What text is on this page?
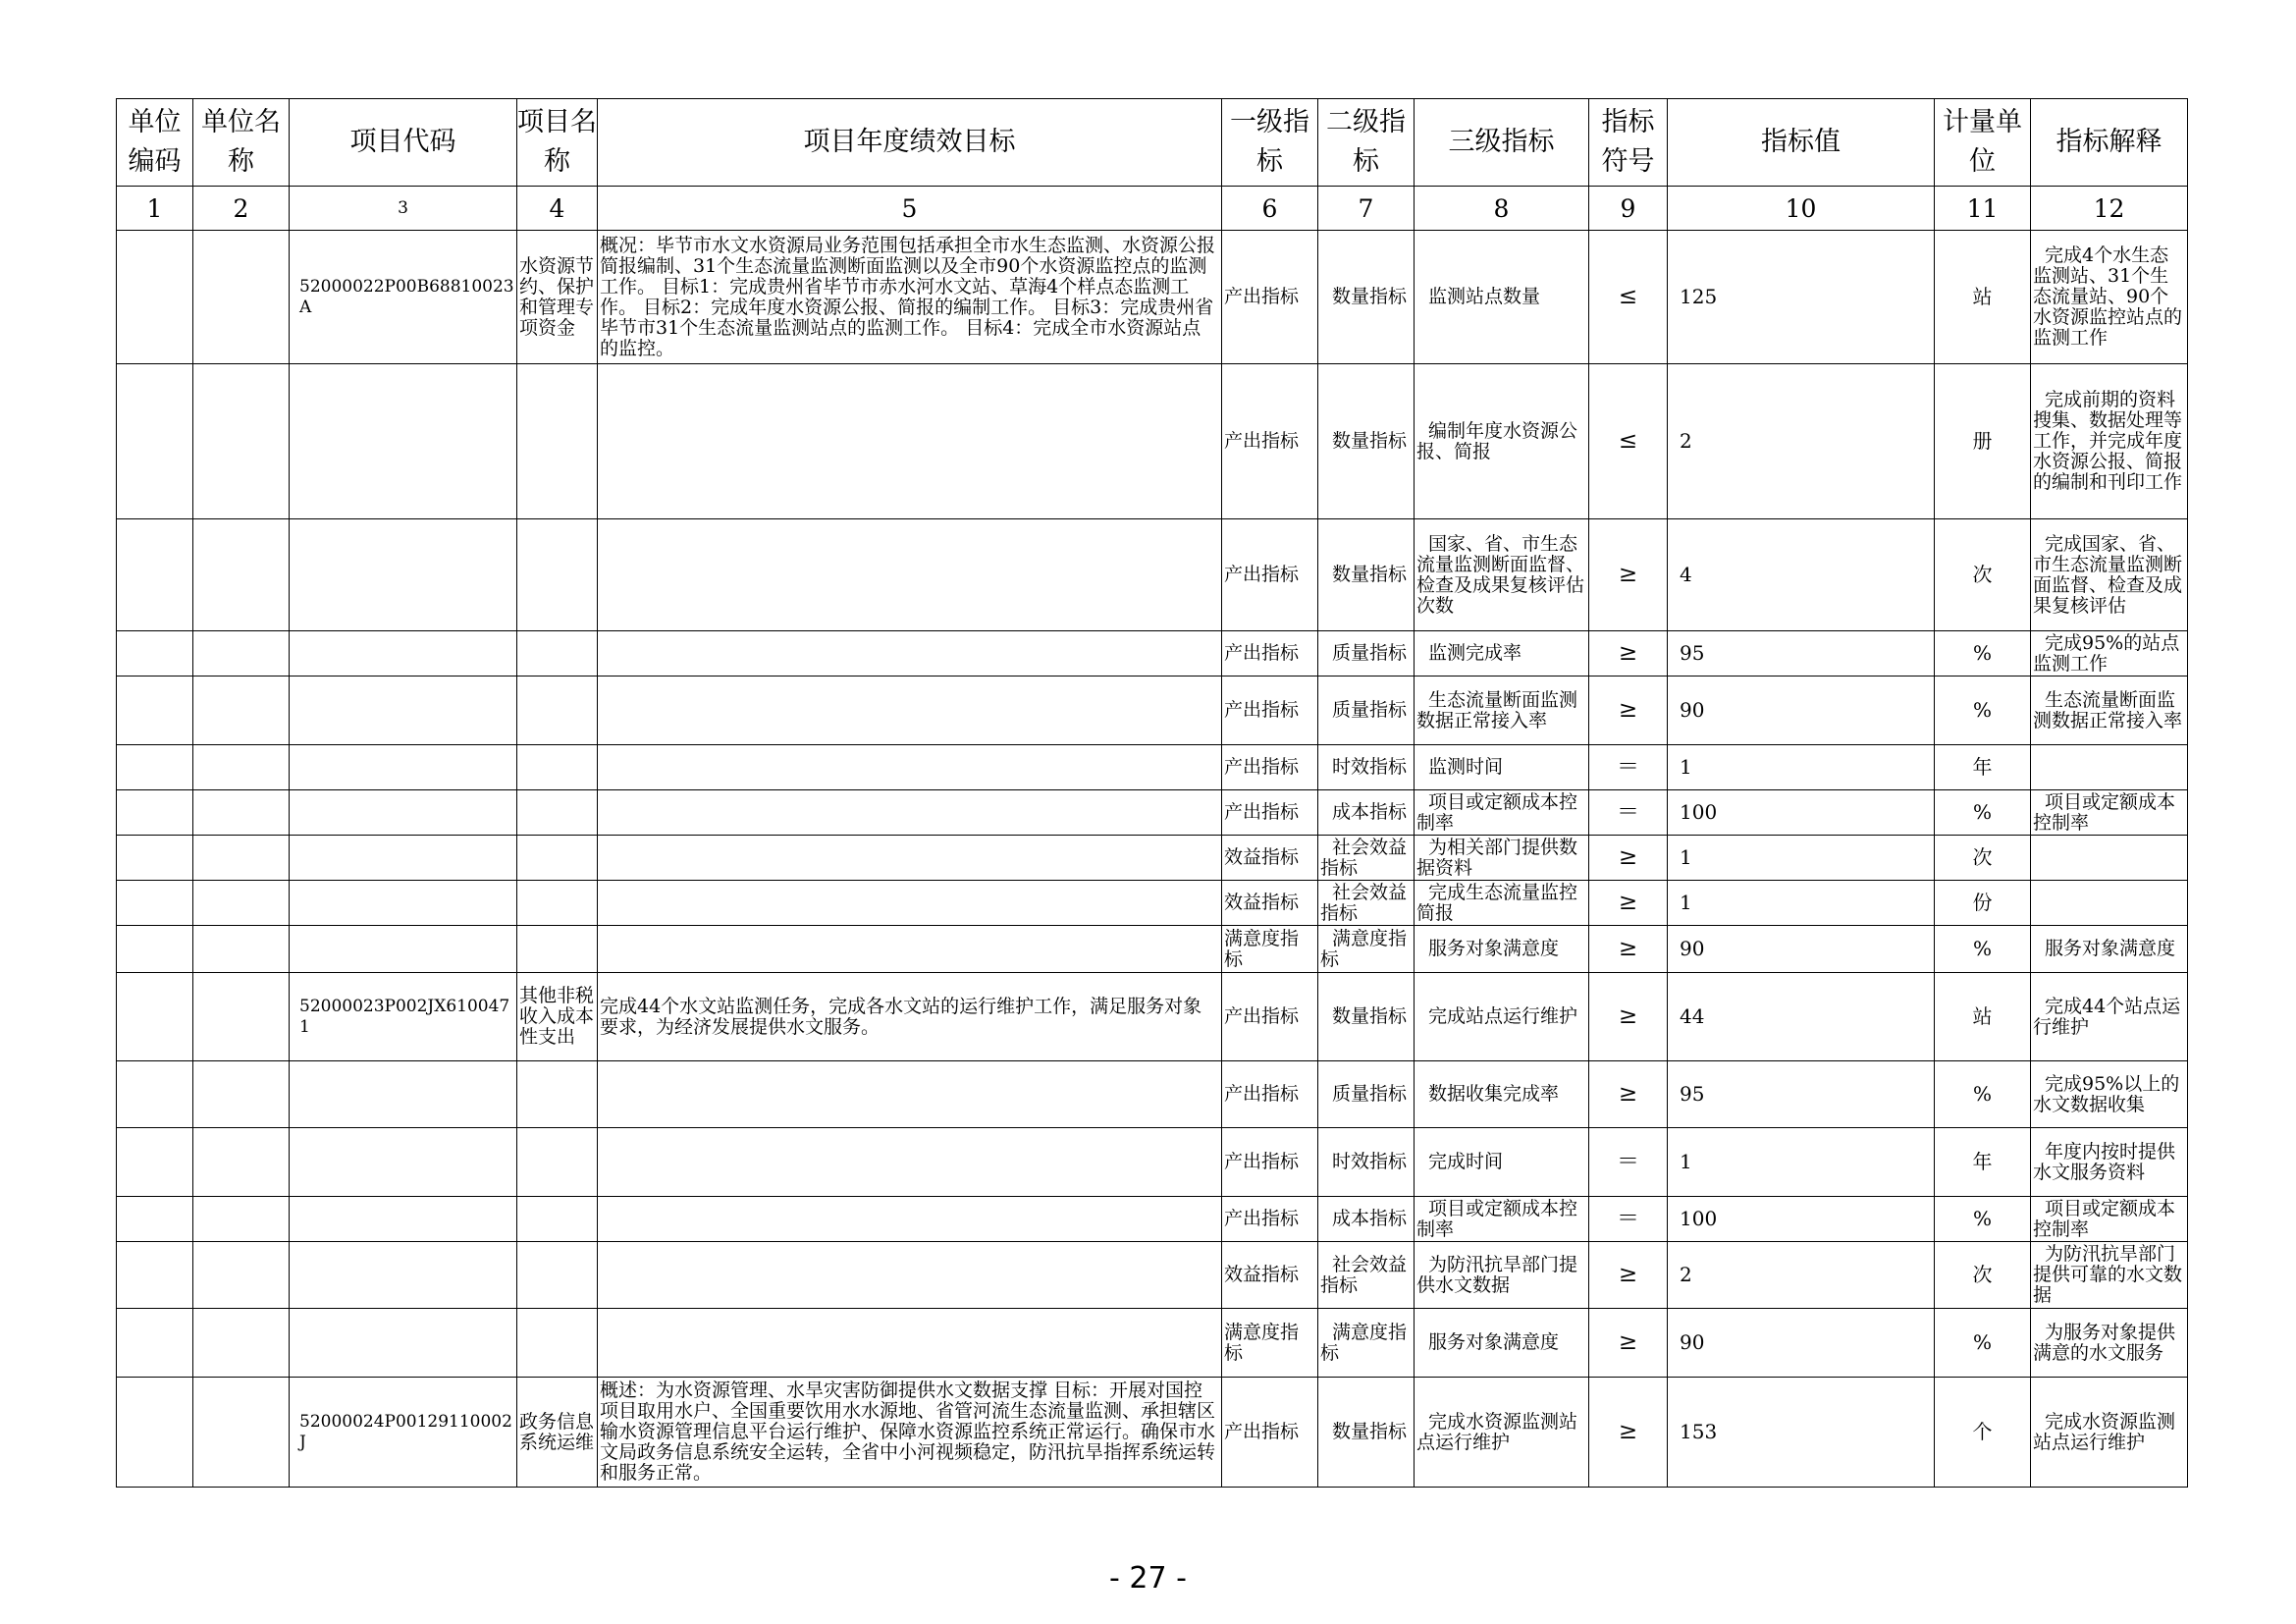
单位编码	单位名称	项目代码	项目名称	项目年度绩效目标	一级指标	二级指标	三级指标	指标符号	指标值	计量单位	指标解释
1	2	3	4	5	6	7	8	9	10	11	12
		52000022P00B68810023A	水资源节约、保护和管理专项资金	概况：毕节市水文水资源局业务范围包括承担全市水生态监测、水资源公报简报编制、31个生态流量监测断面监测以及全市90个水资源监控点的监测工作。 目标1：完成贵州省毕节市赤水河水文站、草海4个样点态监测工作。 目标2：完成年度水资源公报、简报的编制工作。 目标3：完成贵州省毕节市31个生态流量监测站点的监测工作。 目标4：完成全市水资源站点的监控。	产出指标	数量指标	监测站点数量	≤	125	站	完成4个水生态监测站、31个生态流量站、90个水资源监控站点的监测工作
					产出指标	数量指标	编制年度水资源公报、简报	≤	2	册	完成前期的资料搜集、数据处理等工作，并完成年度水资源公报、简报的编制和刊印工作
					产出指标	数量指标	国家、省、市生态流量监测断面监督、检查及成果复核评估次数	≥	4	次	完成国家、省、市生态流量监测断面监督、检查及成果复核评估
					产出指标	质量指标	监测完成率	≥	95	%	完成95%的站点监测工作
					产出指标	质量指标	生态流量断面监测数据正常接入率	≥	90	%	生态流量断面监测数据正常接入率
					产出指标	时效指标	监测时间	＝	1	年	
					产出指标	成本指标	项目或定额成本控制率	＝	100	%	项目或定额成本控制率
					效益指标	社会效益指标	为相关部门提供数据资料	≥	1	次	
					效益指标	社会效益指标	完成生态流量监控简报	≥	1	份	
					满意度指标	满意度指标	服务对象满意度	≥	90	%	服务对象满意度
		52000023P002JX6100471	其他非税收入成本性支出	完成44个水文站监测任务，完成各水文站的运行维护工作，满足服务对象要求，为经济发展提供水文服务。	产出指标	数量指标	完成站点运行维护	≥	44	站	完成44个站点运行维护
					产出指标	质量指标	数据收集完成率	≥	95	%	完成95%以上的水文数据收集
					产出指标	时效指标	完成时间	＝	1	年	年度内按时提供水文服务资料
					产出指标	成本指标	项目或定额成本控制率	＝	100	%	项目或定额成本控制率
					效益指标	社会效益指标	为防汛抗旱部门提供水文数据	≥	2	次	为防汛抗旱部门提供可靠的水文数据
					满意度指标	满意度指标	服务对象满意度	≥	90	%	为服务对象提供满意的水文服务
		52000024P00129110002J	政务信息系统运维	概述：为水资源管理、水旱灾害防御提供水文数据支撑 目标：开展对国控项目取用水户、全国重要饮用水水源地、省管河流生态流量监测、承担辖区输水资源管理信息平台运行维护、保障水资源监控系统正常运行。确保市水文局政务信息系统安全运转，全省中小河视频稳定，防汛抗旱指挥系统运转和服务正常。	产出指标	数量指标	完成水资源监测站点运行维护	≥	153	个	完成水资源监测站点运行维护
- 27 -
